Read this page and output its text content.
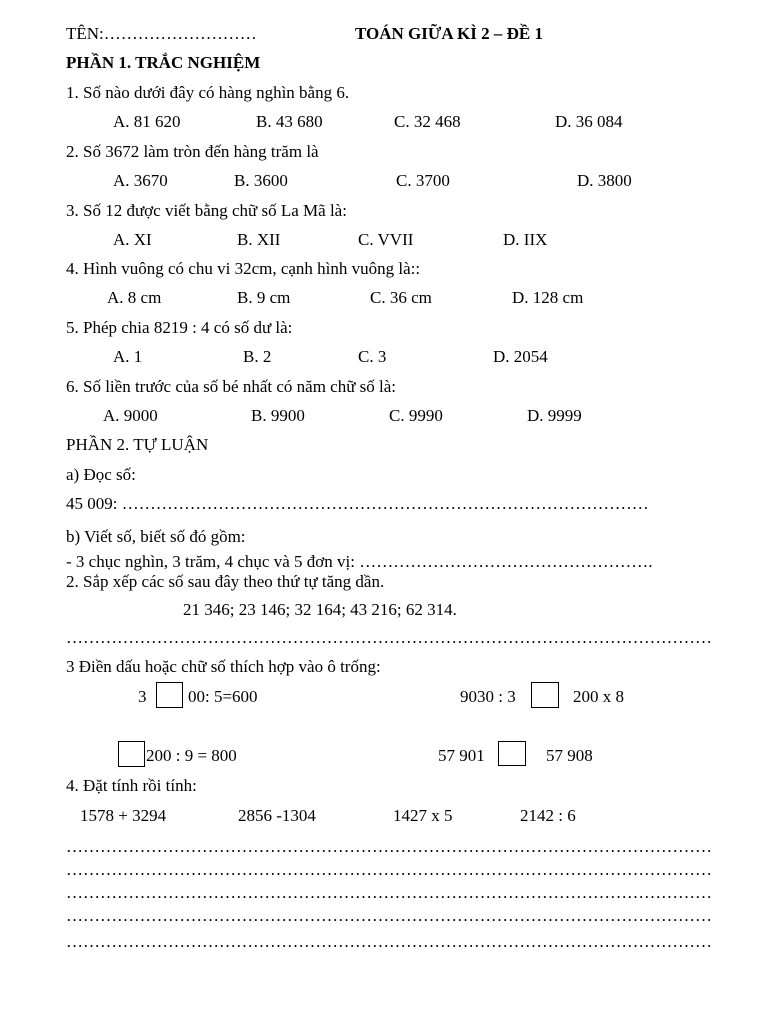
TÊN:………………………	TOÁN GIỮA KÌ 2 – ĐỀ 1
PHẦN 1. TRẮC NGHIỆM
1. Số nào dưới đây có hàng nghìn bằng 6.
A. 81 620	B. 43 680	C. 32 468	D. 36 084
2. Số 3672 làm tròn đến hàng trăm là
A. 3670	B. 3600	C. 3700	D. 3800
3. Số 12 được viết bằng chữ số La Mã là:
A. XI	B. XII	C. VVII	D. IIX
4. Hình vuông có chu vi 32cm, cạnh hình vuông là::
A. 8 cm	B. 9 cm	C. 36 cm	D. 128 cm
5. Phép chia 8219 : 4 có số dư là:
A. 1	B. 2	C. 3	D. 2054
6. Số liền trước của số bé nhất có năm chữ số là:
A. 9000	B. 9900	C. 9990	D. 9999
PHẦN 2. TỰ LUẬN
a) Đọc số:
45 009: …………………………………………………………………………………
b) Viết số, biết số đó gồm:
- 3 chục nghìn, 3 trăm, 4 chục và 5 đơn vị: …………………………………………….
2. Sắp xếp các số sau đây theo thứ tự tăng dần.
21 346; 23 146; 32 164; 43 216; 62 314.
……………………………………………………………………………………………………
3 Điền dấu hoặc chữ số thích hợp vào ô trống:
3 00: 5=600	9030 : 3	200 x 8
200 : 9 = 800	57 901	57 908
4. Đặt tính rồi tính:
1578 + 3294	2856 -1304	1427 x 5	2142 : 6
……………………………………………………………………………………………………
……………………………………………………………………………………………………
……………………………………………………………………………………………………
……………………………………………………………………………………………………
……………………………………………………………………………………………………
